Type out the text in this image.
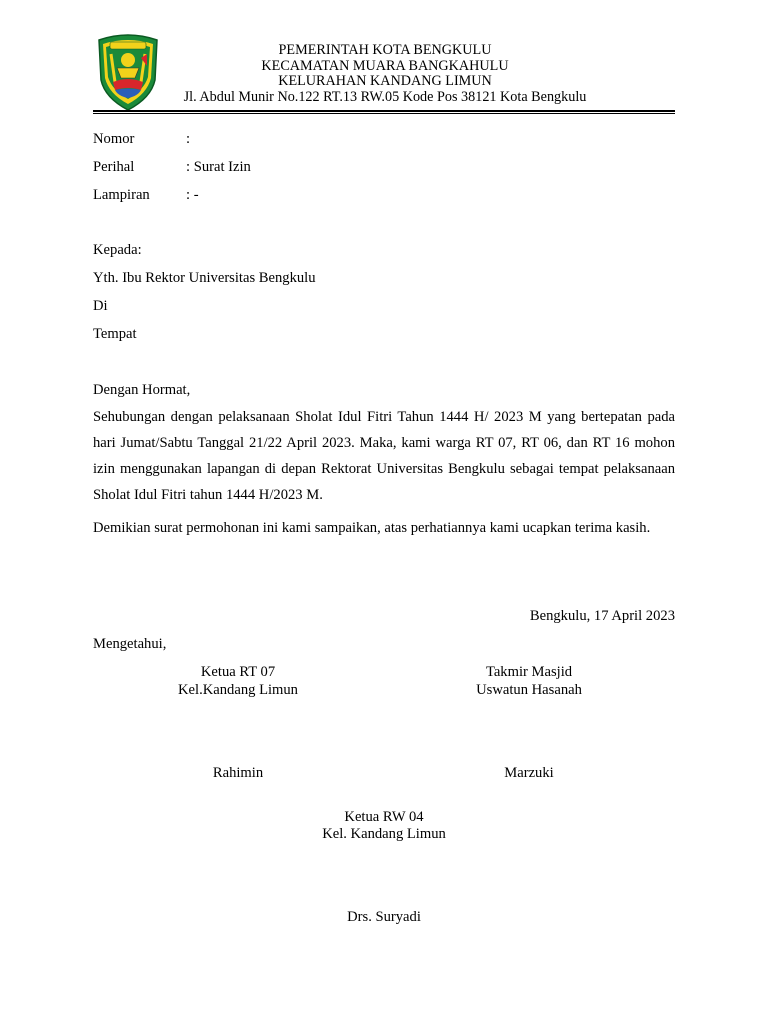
PEMERINTAH KOTA BENGKULU
KECAMATAN MUARA BANGKAHULU
KELURAHAN KANDANG LIMUN
Jl. Abdul Munir No.122 RT.13 RW.05 Kode Pos 38121 Kota Bengkulu
Nomor	:
Perihal	: Surat Izin
Lampiran : -
Kepada:
Yth. Ibu Rektor Universitas Bengkulu
Di
Tempat
Dengan Hormat,
Sehubungan dengan pelaksanaan Sholat Idul Fitri Tahun 1444 H/ 2023 M yang bertepatan pada hari Jumat/Sabtu Tanggal 21/22 April 2023. Maka, kami warga RT 07, RT 06, dan RT 16 mohon izin menggunakan lapangan di depan Rektorat Universitas Bengkulu sebagai tempat pelaksanaan Sholat Idul Fitri tahun 1444 H/2023 M.
Demikian surat permohonan ini kami sampaikan, atas perhatiannya kami ucapkan terima kasih.
Bengkulu, 17 April 2023
Mengetahui,
Ketua RT 07
Kel.Kandang Limun
Rahimin
Takmir Masjid
Uswatun Hasanah
Marzuki
Ketua RW 04
Kel. Kandang Limun
Drs. Suryadi
